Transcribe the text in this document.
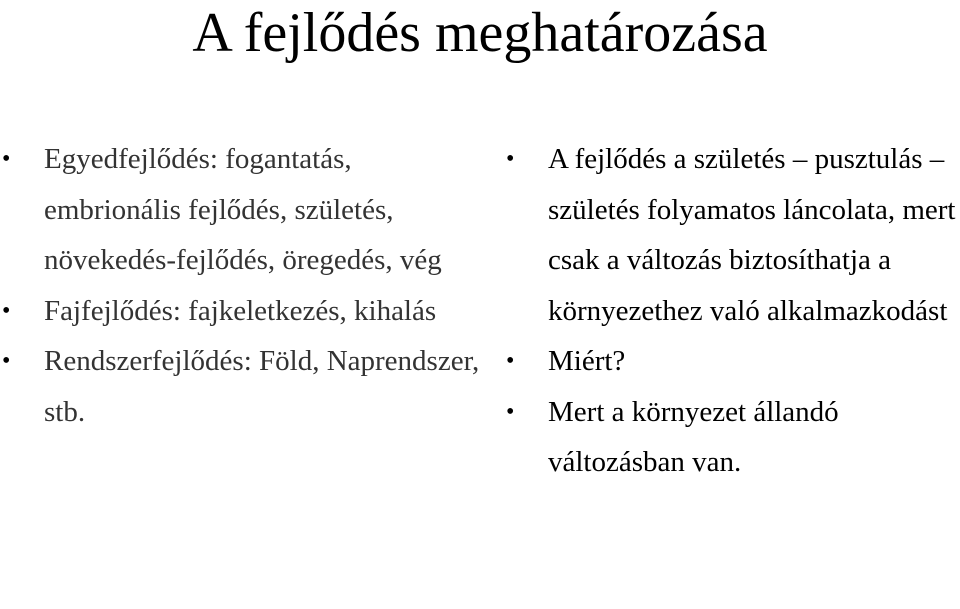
A fejlődés meghatározása
• Egyedfejlődés: fogantatás, embrionális fejlődés, születés, növekedés-fejlődés, öregedés, vég
• Fajfejlődés: fajkeletkezés, kihalás
• Rendszerfejlődés: Föld, Naprendszer, stb.
• A fejlődés a születés – pusztulás – születés folyamatos láncolata, mert csak a változás biztosíthatja a környezethez való alkalmazkodást
• Miért?
• Mert a környezet állandó változásban van.
